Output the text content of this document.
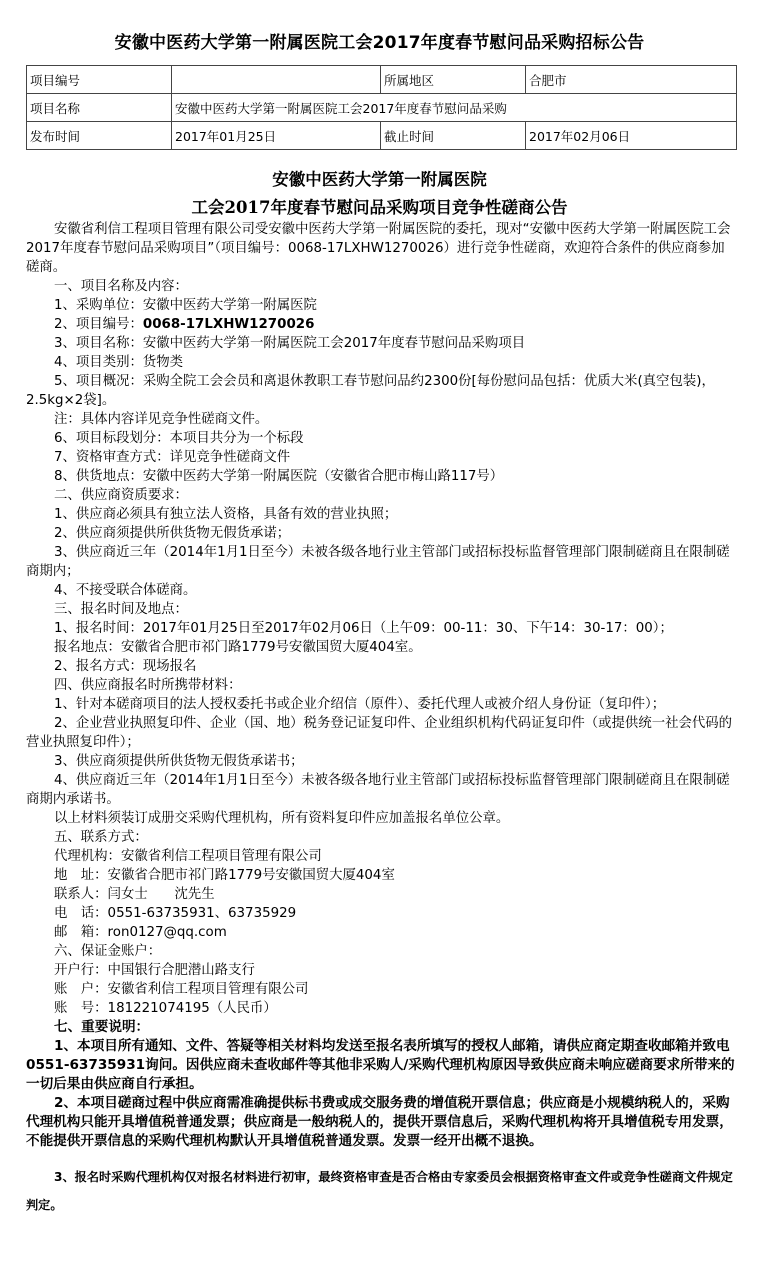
安徽中医药大学第一附属医院工会2017年度春节慰问品采购招标公告
项目编号		所属地区	合肥市
项目名称	安徽中医药大学第一附属医院工会2017年度春节慰问品采购		
发布时间	2017年01月25日	截止时间	2017年02月06日
安徽中医药大学第一附属医院
工会2017年度春节慰问品采购项目竞争性磋商公告

安徽省利信工程项目管理有限公司受安徽中医药大学第一附属医院的委托，现对“安徽中医药大学第一附属医院工会2017年度春节慰问品采购项目”（项目编号：0068-17LXHW1270026）进行竞争性磋商，欢迎符合条件的供应商参加磋商。

一、项目名称及内容：

1、采购单位：安徽中医药大学第一附属医院

2、项目编号：0068-17LXHW1270026

3、项目名称：安徽中医药大学第一附属医院工会2017年度春节慰问品采购项目

4、项目类别：货物类

5、项目概况：采购全院工会会员和离退休教职工春节慰问品约2300份[每份慰问品包括：优质大米(真空包装)，2.5kg×2袋]。

注：具体内容详见竞争性磋商文件。

6、项目标段划分：本项目共分为一个标段

7、资格审查方式：详见竞争性磋商文件

8、供货地点：安徽中医药大学第一附属医院（安徽省合肥市梅山路117号）

二、供应商资质要求：

1、供应商必须具有独立法人资格，具备有效的营业执照；

2、供应商须提供所供货物无假货承诺；

3、供应商近三年（2014年1月1日至今）未被各级各地行业主管部门或招标投标监督管理部门限制磋商且在限制磋商期内；

4、不接受联合体磋商。

三、报名时间及地点：

1、报名时间：2017年01月25日至2017年02月06日（上午09：00-11：30、下午14：30-17：00）；

报名地点：安徽省合肥市祁门路1779号安徽国贸大厦404室。

2、报名方式：现场报名

四、供应商报名时所携带材料：

1、针对本磋商项目的法人授权委托书或企业介绍信（原件）、委托代理人或被介绍人身份证（复印件）；

2、企业营业执照复印件、企业（国、地）税务登记证复印件、企业组织机构代码证复印件（或提供统一社会代码的营业执照复印件）；

3、供应商须提供所供货物无假货承诺书；

4、供应商近三年（2014年1月1日至今）未被各级各地行业主管部门或招标投标监督管理部门限制磋商且在限制磋商期内承诺书。

以上材料须装订成册交采购代理机构，所有资料复印件应加盖报名单位公章。

五、联系方式：

代理机构：安徽省利信工程项目管理有限公司

地　址：安徽省合肥市祁门路1779号安徽国贸大厦404室

联系人：闫女士　　沈先生

电　话：0551-63735931、63735929

邮　箱：ron0127@qq.com

六、保证金账户：

开户行：中国银行合肥潜山路支行

账　户：安徽省利信工程项目管理有限公司

账　号：181221074195（人民币）

七、重要说明：

1、本项目所有通知、文件、答疑等相关材料均发送至报名表所填写的授权人邮箱，请供应商定期查收邮箱并致电0551-63735931询问。因供应商未查收邮件等其他非采购人/采购代理机构原因导致供应商未响应磋商要求所带来的一切后果由供应商自行承担。

2、本项目磋商过程中供应商需准确提供标书费或成交服务费的增值税开票信息；供应商是小规模纳税人的，采购代理机构只能开具增值税普通发票；供应商是一般纳税人的，提供开票信息后，采购代理机构将开具增值税专用发票，不能提供开票信息的采购代理机构默认开具增值税普通发票。发票一经开出概不退换。

3、报名时采购代理机构仅对报名材料进行初审，最终资格审查是否合格由专家委员会根据资格审查文件或竞争性磋商文件规定判定。
